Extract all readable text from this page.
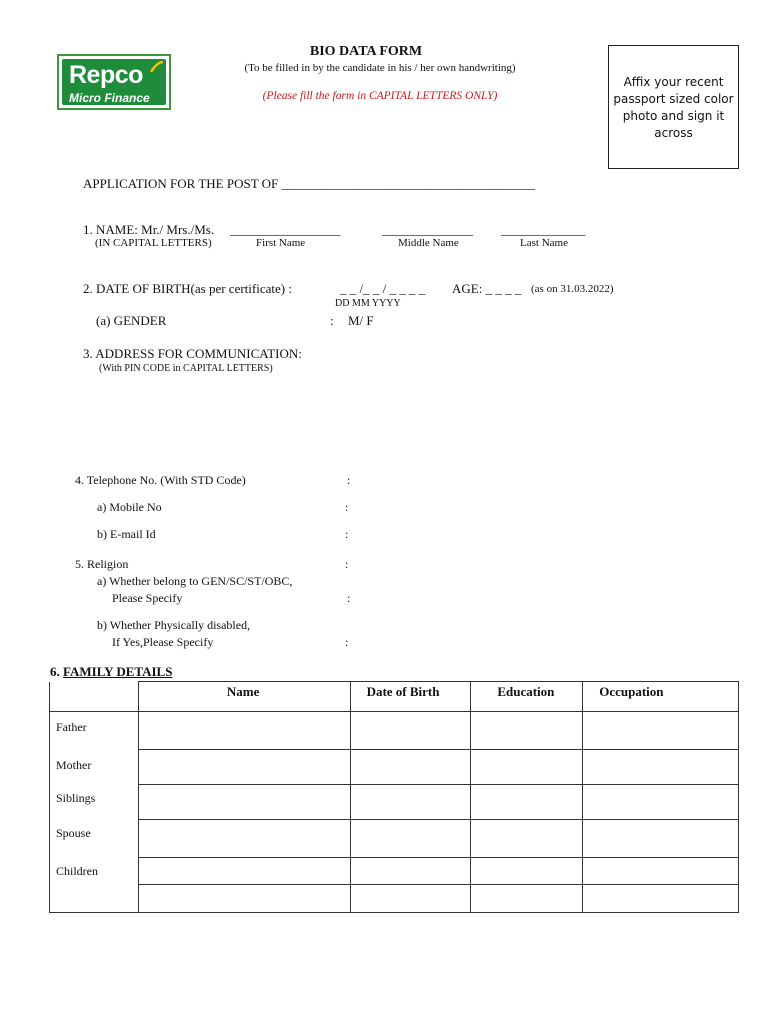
Repco
Micro Finance
BIO DATA FORM
(To be filled in by the candidate in his / her own handwriting)
(Please fill the form in CAPITAL LETTERS ONLY)
Affix your recent passport sized color photo and sign it across
APPLICATION FOR THE POST OF _______________________________________
1. NAME: Mr./ Mrs./Ms. _________________	______________ _____________
(IN CAPITAL LETTERS)	First Name	Middle Name	Last Name
2. DATE OF BIRTH(as per certificate) :	_ _ /_ _ / _ _ _ _
DD MM YYYY
AGE: _ _ _ _ (as on 31.03.2022)
(a) GENDER	: M/ F
3. ADDRESS FOR COMMUNICATION:
(With PIN CODE in CAPITAL LETTERS)
4. Telephone No. (With STD Code)	:
a) Mobile No	:
b) E-mail Id	:
5. Religion	:
a) Whether belong to GEN/SC/ST/OBC,
Please Specify	:
b) Whether Physically disabled,
If Yes,Please Specify	:
6. FAMILY DETAILS
	Name	Date of Birth	Education	Occupation
Father				
Mother				
Siblings				
Spouse				
Children				
